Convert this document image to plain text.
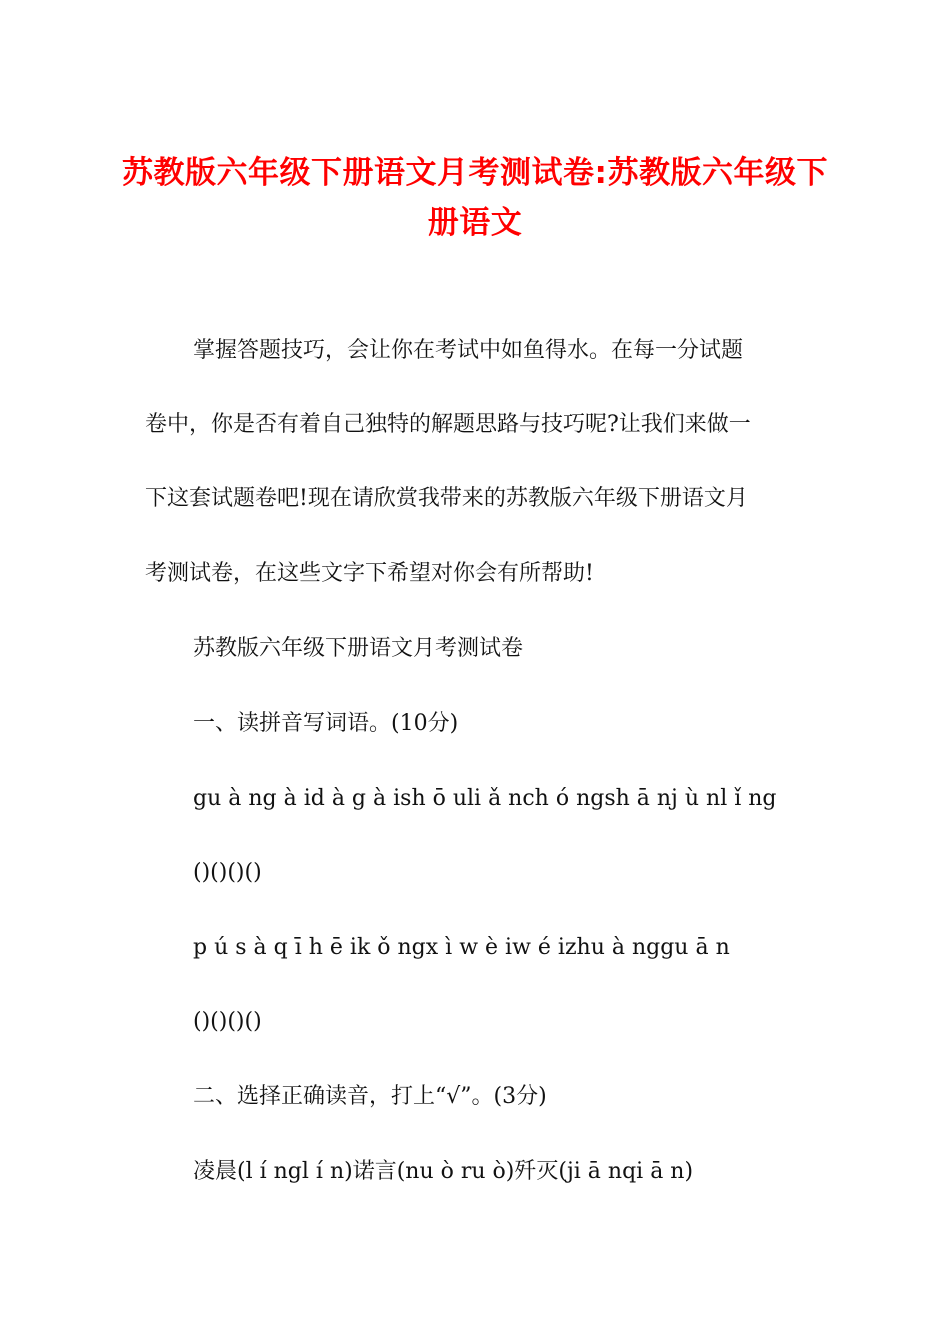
苏教版六年级下册语文月考测试卷:苏教版六年级下册语文

掌握答题技巧，会让你在考试中如鱼得水。在每一分试题

卷中，你是否有着自己独特的解题思路与技巧呢?让我们来做一

下这套试题卷吧!现在请欣赏我带来的苏教版六年级下册语文月

考测试卷，在这些文字下希望对你会有所帮助!

苏教版六年级下册语文月考测试卷

一、读拼音写词语。(10分)

gu à ng à id à g à ish ō uli ǎ nch ó ngsh ā nj ù nl ǐ ng

()()()()

p ú s à q ī h ē ik ǒ ngx ì w è iw é izhu à nggu ā n

()()()()

二、选择正确读音，打上“√”。(3分)

凌晨(l í ngl í n)诺言(nu ò ru ò)歼灭(ji ā nqi ā n)
